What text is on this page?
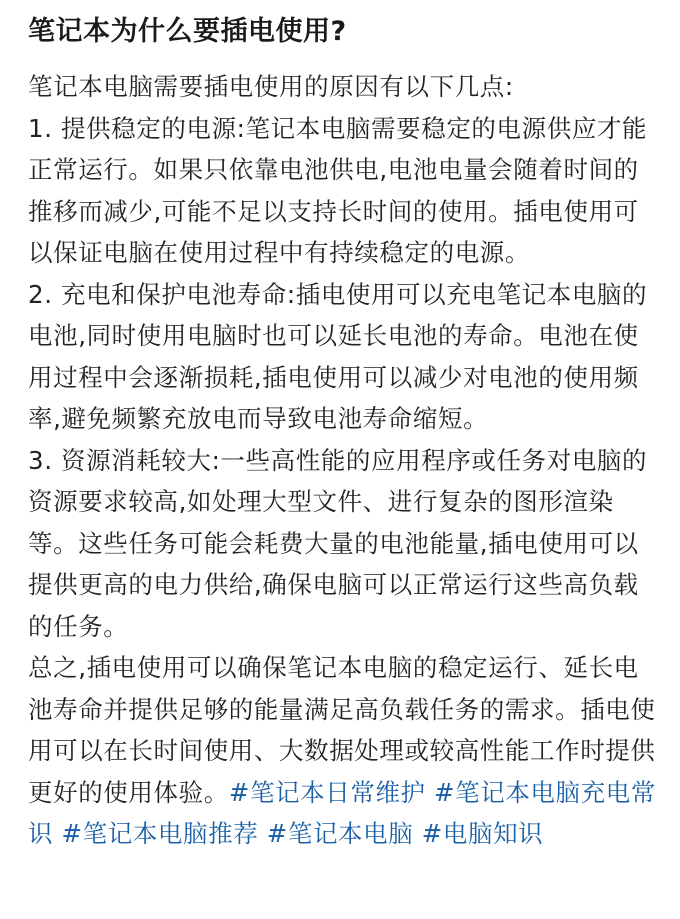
笔记本为什么要插电使用?

笔记本电脑需要插电使用的原因有以下几点:

1. 提供稳定的电源:笔记本电脑需要稳定的电源供应才能正常运行。如果只依靠电池供电,电池电量会随着时间的推移而减少,可能不足以支持长时间的使用。插电使用可以保证电脑在使用过程中有持续稳定的电源。

2. 充电和保护电池寿命:插电使用可以充电笔记本电脑的电池,同时使用电脑时也可以延长电池的寿命。电池在使用过程中会逐渐损耗,插电使用可以减少对电池的使用频率,避免频繁充放电而导致电池寿命缩短。

3. 资源消耗较大:一些高性能的应用程序或任务对电脑的资源要求较高,如处理大型文件、进行复杂的图形渲染等。这些任务可能会耗费大量的电池能量,插电使用可以提供更高的电力供给,确保电脑可以正常运行这些高负载的任务。

总之,插电使用可以确保笔记本电脑的稳定运行、延长电池寿命并提供足够的能量满足高负载任务的需求。插电使用可以在长时间使用、大数据处理或较高性能工作时提供更好的使用体验。#笔记本日常维护 #笔记本电脑充电常识 #笔记本电脑推荐 #笔记本电脑 #电脑知识
